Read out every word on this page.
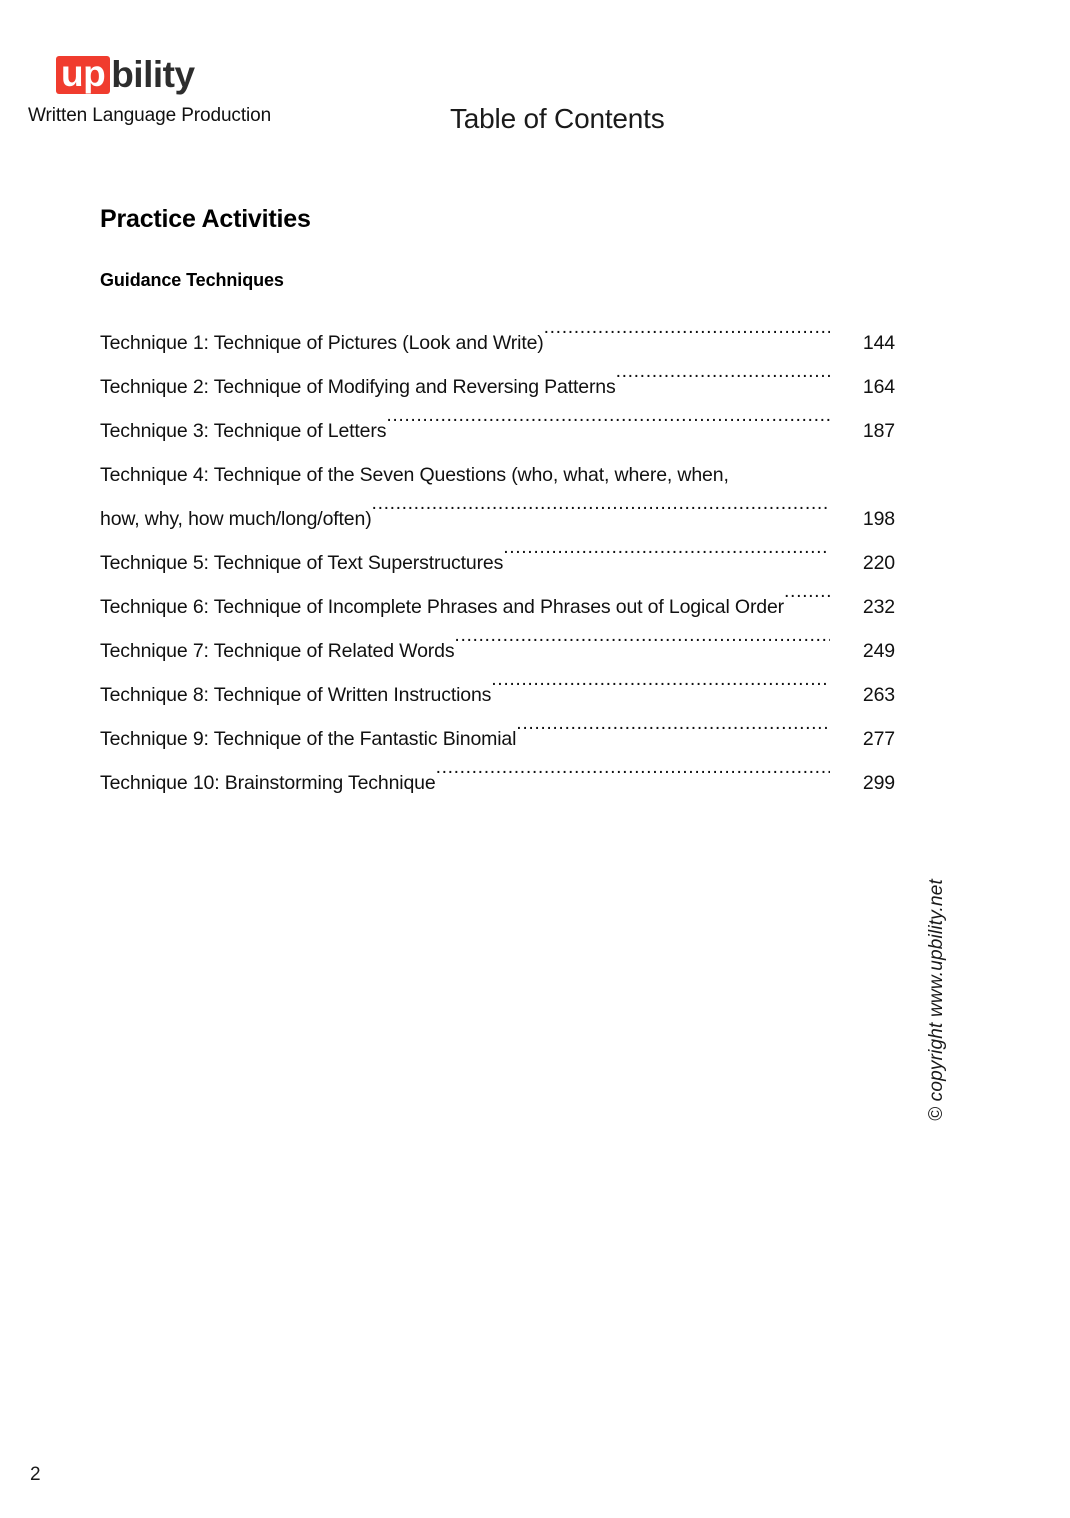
up bility
Written Language Production	Table of Contents
Practice Activities
Guidance Techniques
Technique 1: Technique of Pictures (Look and Write) .....	144
Technique 2: Technique of Modifying and Reversing Patterns .....	164
Technique 3: Technique of Letters .....	187
Technique 4: Technique of the Seven Questions (who, what, where, when,
how, why, how much/long/often) .....	198
Technique 5: Technique of Text Superstructures .....	220
Technique 6: Technique of Incomplete Phrases and Phrases out of Logical Order .....	232
Technique 7: Technique of Related Words .....	249
Technique 8: Technique of Written Instructions .....	263
Technique 9: Technique of the Fantastic Binomial .....	277
Technique 10: Brainstorming Technique .....	299
© copyright www.upbility.net
2
